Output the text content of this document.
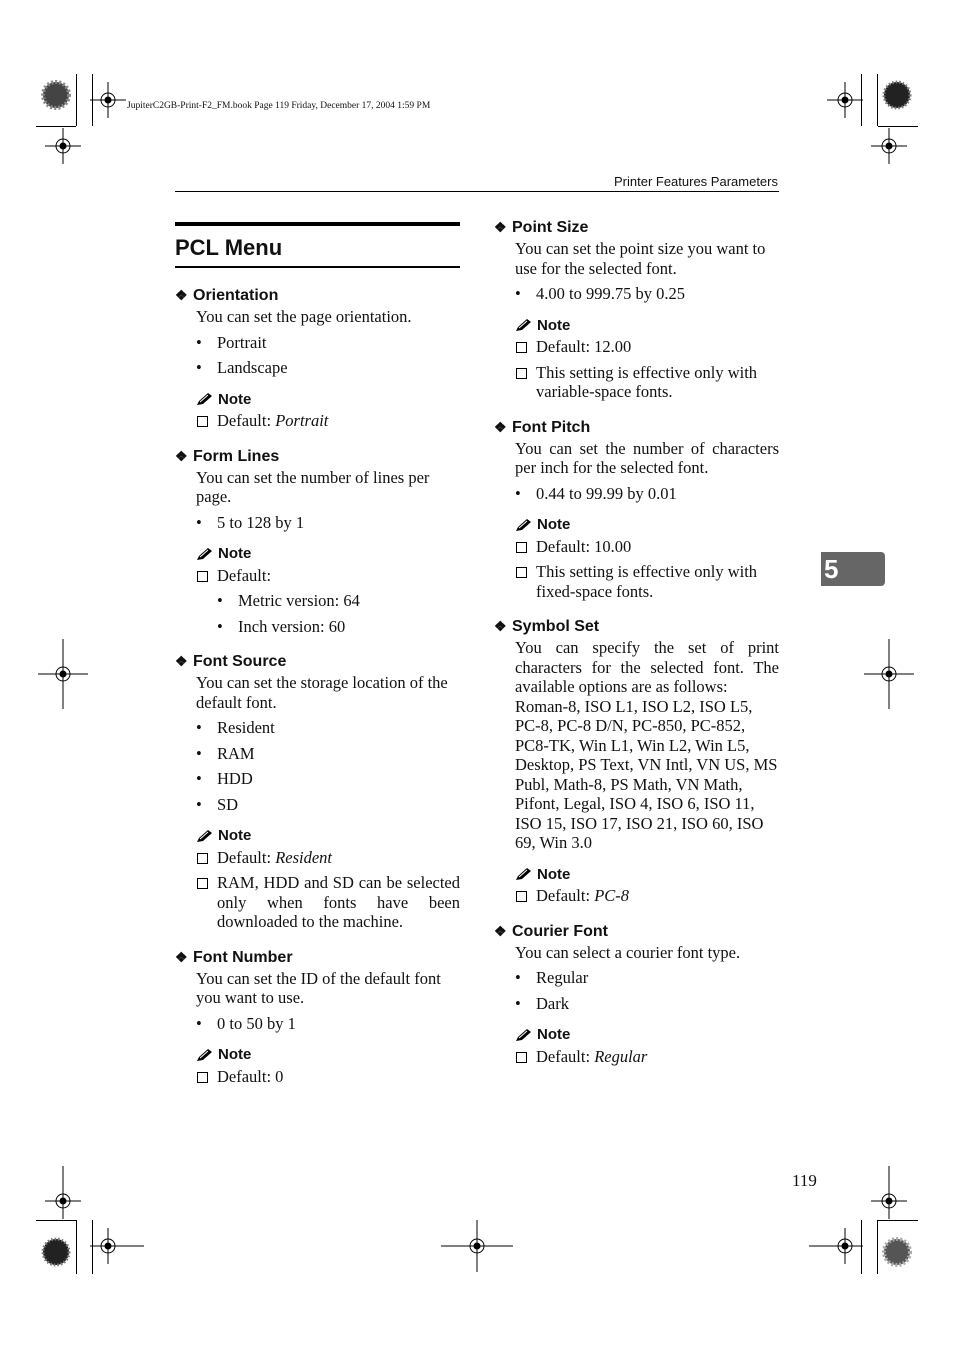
JupiterC2GB-Print-F2_FM.book Page 119 Friday, December 17, 2004 1:59 PM
Printer Features Parameters
5
119
PCL Menu
❖ Orientation
You can set the page orientation.
• Portrait
• Landscape
Note
Default: Portrait
❖ Form Lines
You can set the number of lines per page.
• 5 to 128 by 1
Note
Default:
• Metric version: 64
• Inch version: 60
❖ Font Source
You can set the storage location of the default font.
• Resident
• RAM
• HDD
• SD
Note
Default: Resident
RAM, HDD and SD can be selected only when fonts have been downloaded to the machine.
❖ Font Number
You can set the ID of the default font you want to use.
• 0 to 50 by 1
Note
Default: 0
❖ Point Size
You can set the point size you want to use for the selected font.
• 4.00 to 999.75 by 0.25
Note
Default: 12.00
This setting is effective only with variable-space fonts.
❖ Font Pitch
You can set the number of characters per inch for the selected font.
• 0.44 to 99.99 by 0.01
Note
Default: 10.00
This setting is effective only with fixed-space fonts.
❖ Symbol Set
You can specify the set of print characters for the selected font. The available options are as follows:
Roman-8, ISO L1, ISO L2, ISO L5, PC-8, PC-8 D/N, PC-850, PC-852, PC8-TK, Win L1, Win L2, Win L5, Desktop, PS Text, VN Intl, VN US, MS Publ, Math-8, PS Math, VN Math, Pifont, Legal, ISO 4, ISO 6, ISO 11, ISO 15, ISO 17, ISO 21, ISO 60, ISO 69, Win 3.0
Note
Default: PC-8
❖ Courier Font
You can select a courier font type.
• Regular
• Dark
Note
Default: Regular
